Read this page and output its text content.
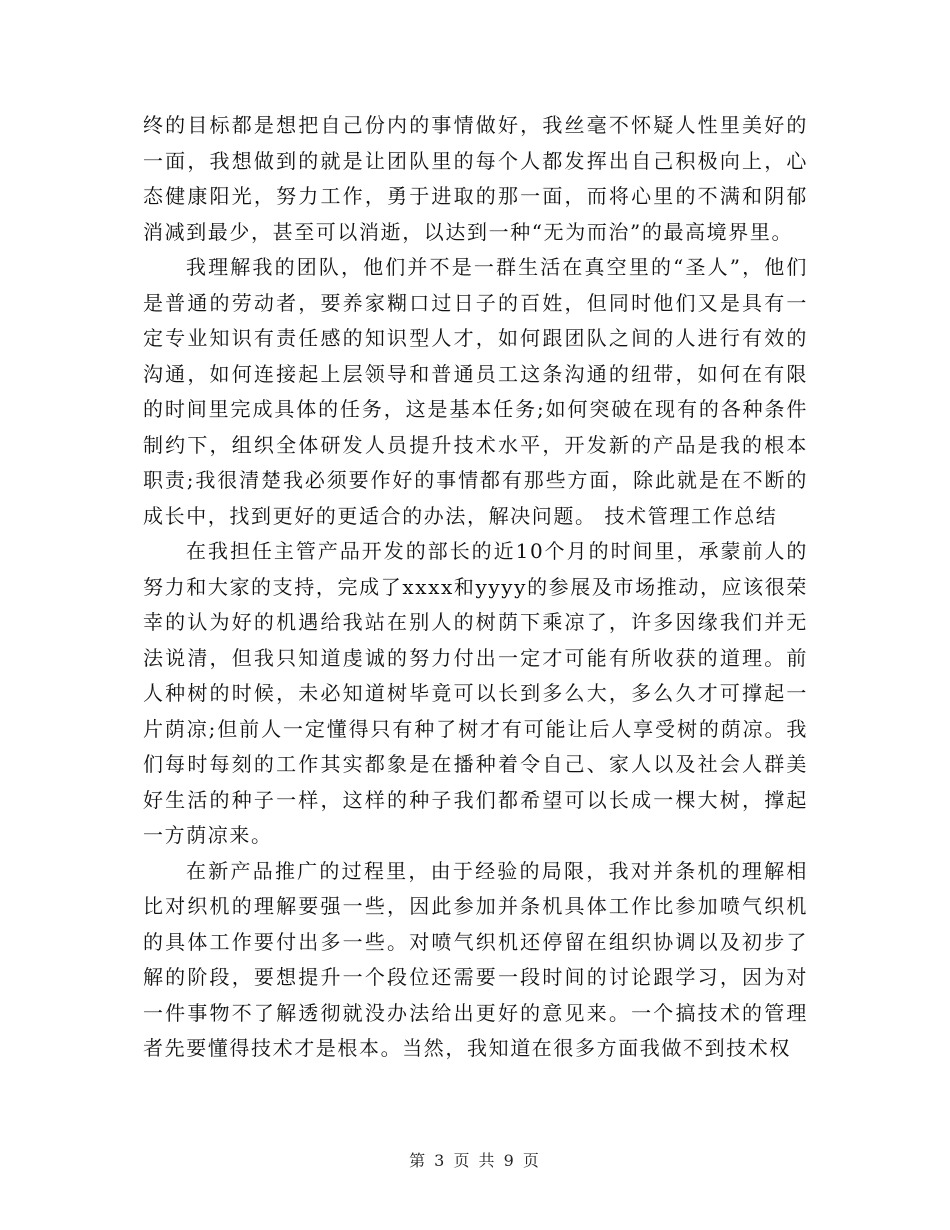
终的目标都是想把自己份内的事情做好，我丝毫不怀疑人性里美好的一面，我想做到的就是让团队里的每个人都发挥出自己积极向上，心态健康阳光，努力工作，勇于进取的那一面，而将心里的不满和阴郁消减到最少，甚至可以消逝，以达到一种“无为而治”的最高境界里。

我理解我的团队，他们并不是一群生活在真空里的“圣人”，他们是普通的劳动者，要养家糊口过日子的百姓，但同时他们又是具有一定专业知识有责任感的知识型人才，如何跟团队之间的人进行有效的沟通，如何连接起上层领导和普通员工这条沟通的纽带，如何在有限的时间里完成具体的任务，这是基本任务;如何突破在现有的各种条件制约下，组织全体研发人员提升技术水平，开发新的产品是我的根本职责;我很清楚我必须要作好的事情都有那些方面，除此就是在不断的成长中，找到更好的更适合的办法，解决问题。 技术管理工作总结

在我担任主管产品开发的部长的近10个月的时间里，承蒙前人的努力和大家的支持，完成了xxxx和yyyy的参展及市场推动，应该很荣幸的认为好的机遇给我站在别人的树荫下乘凉了，许多因缘我们并无法说清，但我只知道虔诚的努力付出一定才可能有所收获的道理。前人种树的时候，未必知道树毕竟可以长到多么大，多么久才可撑起一片荫凉;但前人一定懂得只有种了树才有可能让后人享受树的荫凉。我们每时每刻的工作其实都象是在播种着令自己、家人以及社会人群美好生活的种子一样，这样的种子我们都希望可以长成一棵大树，撑起一方荫凉来。

在新产品推广的过程里，由于经验的局限，我对并条机的理解相比对织机的理解要强一些，因此参加并条机具体工作比参加喷气织机的具体工作要付出多一些。对喷气织机还停留在组织协调以及初步了解的阶段，要想提升一个段位还需要一段时间的讨论跟学习，因为对一件事物不了解透彻就没办法给出更好的意见来。一个搞技术的管理者先要懂得技术才是根本。当然，我知道在很多方面我做不到技术权

第 3 页 共 9 页
